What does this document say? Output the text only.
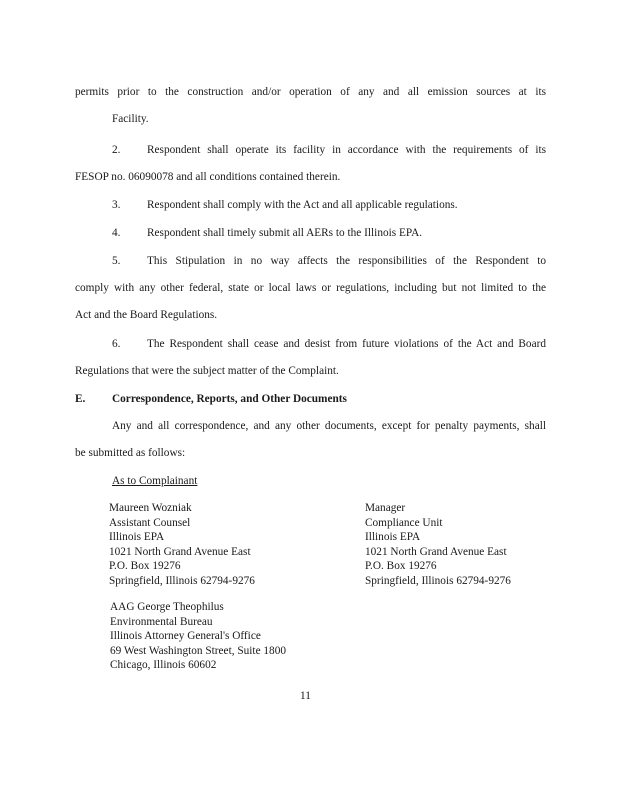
permits prior to the construction and/or operation of any and all emission sources at its
Facility.
2. Respondent shall operate its facility in accordance with the requirements of its
FESOP no. 06090078 and all conditions contained therein.
3. Respondent shall comply with the Act and all applicable regulations.
4. Respondent shall timely submit all AERs to the Illinois EPA.
5. This Stipulation in no way affects the responsibilities of the Respondent to
comply with any other federal, state or local laws or regulations, including but not limited to the
Act and the Board Regulations.
6. The Respondent shall cease and desist from future violations of the Act and Board
Regulations that were the subject matter of the Complaint.
E. Correspondence, Reports, and Other Documents
Any and all correspondence, and any other documents, except for penalty payments, shall
be submitted as follows:
As to Complainant
Maureen Wozniak
Assistant Counsel
Illinois EPA
1021 North Grand Avenue East
P.O. Box 19276
Springfield, Illinois 62794-9276
Manager
Compliance Unit
Illinois EPA
1021 North Grand Avenue East
P.O. Box 19276
Springfield, Illinois 62794-9276
AAG George Theophilus
Environmental Bureau
Illinois Attorney General's Office
69 West Washington Street, Suite 1800
Chicago, Illinois 60602
11
